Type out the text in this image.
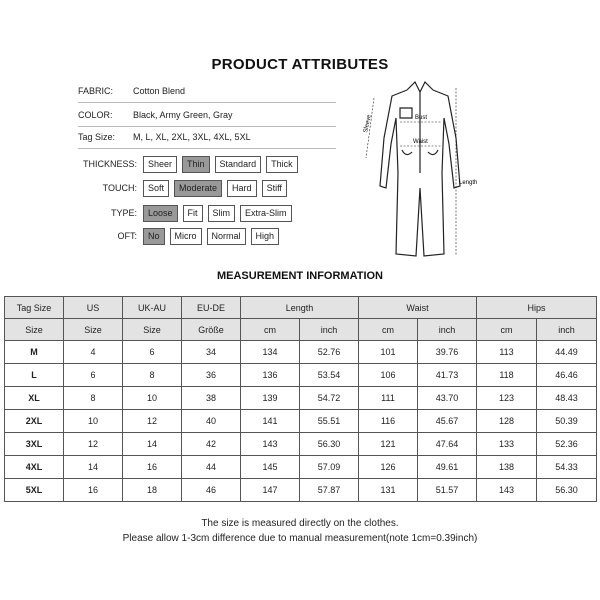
PRODUCT ATTRIBUTES
FABRIC: Cotton Blend
COLOR: Black, Army Green, Gray
Tag Size: M, L, XL, 2XL, 3XL, 4XL, 5XL
THICKNESS:	Sheer	Thin	Standard	Thick
TOUCH:	Soft	Moderate	Hard	Stiff
TYPE:	Loose	Fit	Slim	Extra-Slim
OFT:	No	Micro	Normal	High
Sleeve	Bust
Waist
Length
MEASUREMENT INFORMATION
Tag Size	US	UK-AU	EU-DE	Length		Waist		Hips	
Size	Size	Size	Größe	cm	inch	cm	inch	cm	inch
M	4	6	34	134	52.76	101	39.76	113	44.49
L	6	8	36	136	53.54	106	41.73	118	46.46
XL	8	10	38	139	54.72	111	43.70	123	48.43
2XL	10	12	40	141	55.51	116	45.67	128	50.39
3XL	12	14	42	143	56.30	121	47.64	133	52.36
4XL	14	16	44	145	57.09	126	49.61	138	54.33
5XL	16	18	46	147	57.87	131	51.57	143	56.30
The size is measured directly on the clothes.
Please allow 1-3cm difference due to manual measurement(note 1cm=0.39inch)
